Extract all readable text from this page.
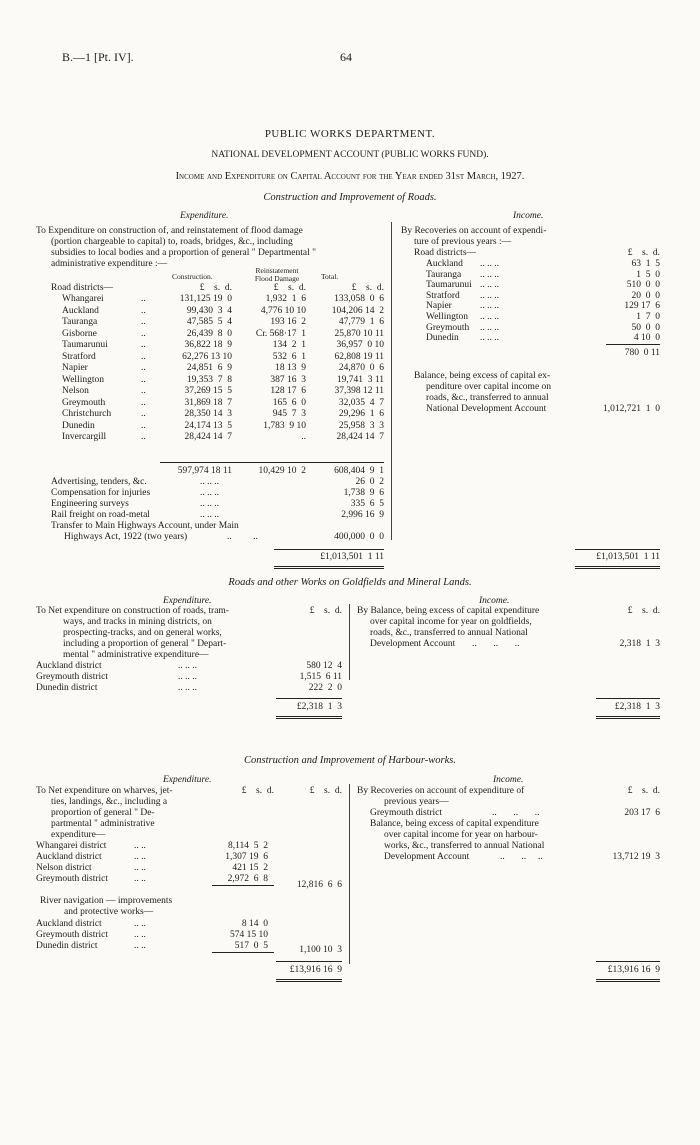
B.—1 [Pt. IV].	64
PUBLIC WORKS DEPARTMENT.
NATIONAL DEVELOPMENT ACCOUNT (PUBLIC WORKS FUND).
Income and Expenditure on Capital Account for the Year ended 31st March, 1927.
Construction and Improvement of Roads.
Expenditure.	Income.
To Expenditure on construction of, and reinstatement of flood damage
(portion chargeable to capital) to, roads, bridges, &c., including
subsidies to local bodies and a proportion of general " Departmental "
administrative expenditure :—
Construction.
Reinstatement
Flood Damage	Total.
£    s.  d.	£    s.  d.	£    s.  d.
Road districts—
Whangarei	..	131,125 19  0	1,932  1  6	133,058  0  6
Auckland	..	99,430  3  4	4,776 10 10	104,206 14  2
Tauranga	..	47,585  5  4	193 16  2	47,779  1  6
Gisborne	..	26,439  8  0	Cr. 568·17  1	25,870 10 11
Taumarunui	..	36,822 18  9	134  2  1	36,957  0 10
Stratford	..	62,276 13 10	532  6  1	62,808 19 11
Napier	..	24,851  6  9	18 13  9	24,870  0  6
Wellington	..	19,353  7  8	387 16  3	19,741  3 11
Nelson	..	37,269 15  5	128 17  6	37,398 12 11
Greymouth	..	31,869 18  7	165  6  0	32,035  4  7
Christchurch	..	28,350 14  3	945  7  3	29,296  1  6
Dunedin	..	24,174 13  5	1,783  9 10	25,958  3  3
Invercargill	..	28,424 14  7	..	28,424 14  7
597,974 18 11	10,429 10  2	608,404  9  1
Advertising, tenders, &c.	.. .. ..	26  0  2
Compensation for injuries	.. .. ..	1,738  9  6
Engineering surveys	.. .. ..	335  6  5
Rail freight on road-metal	.. .. ..	2,996 16  9
Transfer to Main Highways Account, under Main
Highways Act, 1922 (two years)	..         ..	400,000  0  0
£1,013,501  1 11
By Recoveries on account of expendi-
ture of previous years :—
Road districts—	£    s.  d.
Auckland .. .. ..	63  1  5
Tauranga .. .. ..	1  5  0
Taumarunui .. .. ..	510  0  0
Stratford .. .. ..	20  0  0
Napier	.. .. ..	129 17  6
Wellington .. .. ..	1  7  0
Greymouth .. .. ..	50  0  0
Dunedin .. .. ..	4 10  0
780  0 11
Balance, being excess of capital ex-
penditure over capital income on
roads, &c., transferred to annual
National Development Account	1,012,721  1  0
£1,013,501  1 11
Roads and other Works on Goldfields and Mineral Lands.
Expenditure.	Income.
To Net expenditure on construction of roads, tram-
ways, and tracks in mining districts, on
prospecting-tracks, and on general works,
including a proportion of general " Depart-
mental " administrative expenditure—
£    s.  d.
Auckland district	.. .. ..	580 12  4
Greymouth district	.. .. ..	1,515  6 11
Dunedin district	.. .. ..	222  2  0
£2,318  1  3
By Balance, being excess of capital expenditure
over capital income for year on goldfields,
roads, &c., transferred to annual National
Development Account ..       ..       ..
£    s.  d.
2,318  1  3
£2,318  1  3
Construction and Improvement of Harbour-works.
Expenditure.	Income.
To Net expenditure on wharves, jet-
ties, landings, &c., including a
proportion of general " De-
partmental " administrative
expenditure—
£    s.  d.	£    s.  d.
Whangarei district	.. ..	8,114  5  2
Auckland district	.. ..	1,307 19  6
Nelson district	.. ..	421 15  2
Greymouth district	.. ..	2,972  6  8
12,816  6  6
River navigation — improvements
and protective works—
Auckland district	.. ..	8 14  0
Greymouth district	.. ..	574 15 10
Dunedin district	.. ..	517  0  5	1,100 10  3
£13,916 16  9
By Recoveries on account of expenditure of
previous years—
Greymouth district	..       ..       ..
£    s.  d.
203 17  6
Balance, being excess of capital expenditure
over capital income for year on harbour-
works, &c., transferred to annual National
Development Account	..       ..     ..	13,712 19  3
£13,916 16  9
